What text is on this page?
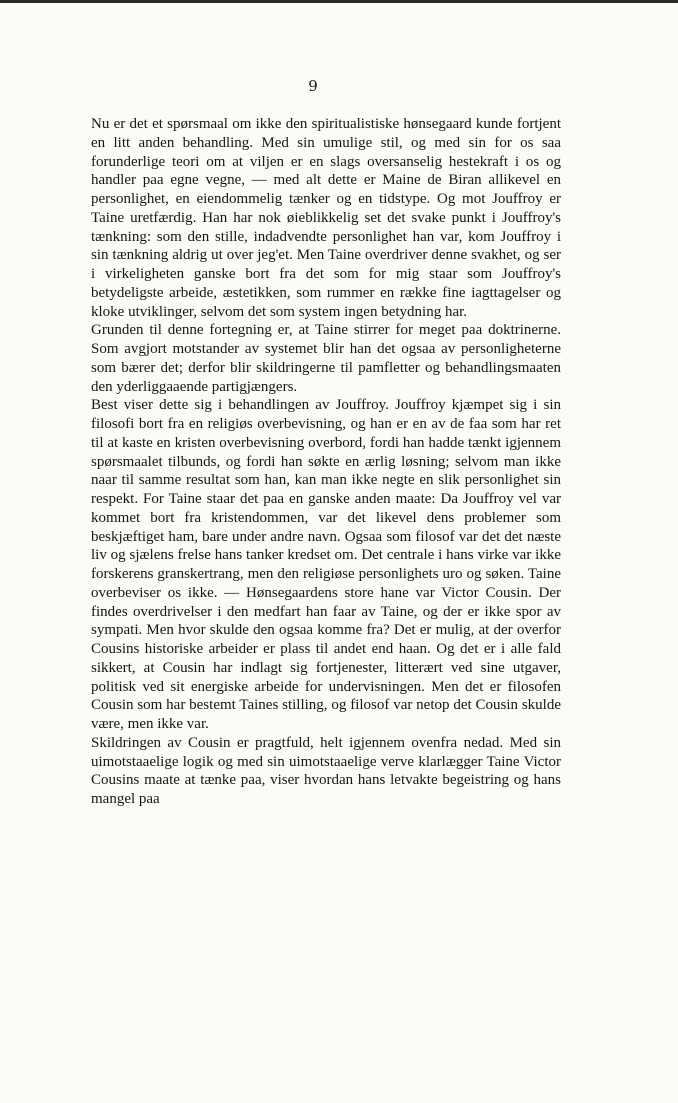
9

Nu er det et spørsmaal om ikke den spiritualistiske hønsegaard kunde fortjent en litt anden behandling. Med sin umulige stil, og med sin for os saa forunderlige teori om at viljen er en slags oversanselig hestekraft i os og handler paa egne vegne, — med alt dette er Maine de Biran allikevel en personlighet, en eiendommelig tænker og en tidstype. Og mot Jouffroy er Taine uretfærdig. Han har nok øieblikkelig set det svake punkt i Jouffroy's tænkning: som den stille, indadvendte personlighet han var, kom Jouffroy i sin tænkning aldrig ut over jeg'et. Men Taine overdriver denne svakhet, og ser i virkeligheten ganske bort fra det som for mig staar som Jouffroy's betydeligste arbeide, æstetikken, som rummer en række fine iagttagelser og kloke utviklinger, selvom det som system ingen betydning har.

Grunden til denne fortegning er, at Taine stirrer for meget paa doktrinerne. Som avgjort motstander av systemet blir han det ogsaa av personligheterne som bærer det; derfor blir skildringerne til pamfletter og behandlingsmaaten den yderliggaaende partigjængers.

Best viser dette sig i behandlingen av Jouffroy. Jouffroy kjæmpet sig i sin filosofi bort fra en religiøs overbevisning, og han er en av de faa som har ret til at kaste en kristen overbevisning overbord, fordi han hadde tænkt igjennem spørsmaalet tilbunds, og fordi han søkte en ærlig løsning; selvom man ikke naar til samme resultat som han, kan man ikke negte en slik personlighet sin respekt. For Taine staar det paa en ganske anden maate: Da Jouffroy vel var kommet bort fra kristendommen, var det likevel dens problemer som beskjæftiget ham, bare under andre navn. Ogsaa som filosof var det det næste liv og sjælens frelse hans tanker kredset om. Det centrale i hans virke var ikke forskerens granskertrang, men den religiøse personlighets uro og søken. Taine overbeviser os ikke. — Hønsegaardens store hane var Victor Cousin. Der findes overdrivelser i den medfart han faar av Taine, og der er ikke spor av sympati. Men hvor skulde den ogsaa komme fra? Det er mulig, at der overfor Cousins historiske arbeider er plass til andet end haan. Og det er i alle fald sikkert, at Cousin har indlagt sig fortjenester, litterært ved sine utgaver, politisk ved sit energiske arbeide for undervisningen. Men det er filosofen Cousin som har bestemt Taines stilling, og filosof var netop det Cousin skulde være, men ikke var.

Skildringen av Cousin er pragtfuld, helt igjennem ovenfra nedad. Med sin uimotstaaelige logik og med sin uimotstaaelige verve klarlægger Taine Victor Cousins maate at tænke paa, viser hvordan hans letvakte begeistring og hans mangel paa
